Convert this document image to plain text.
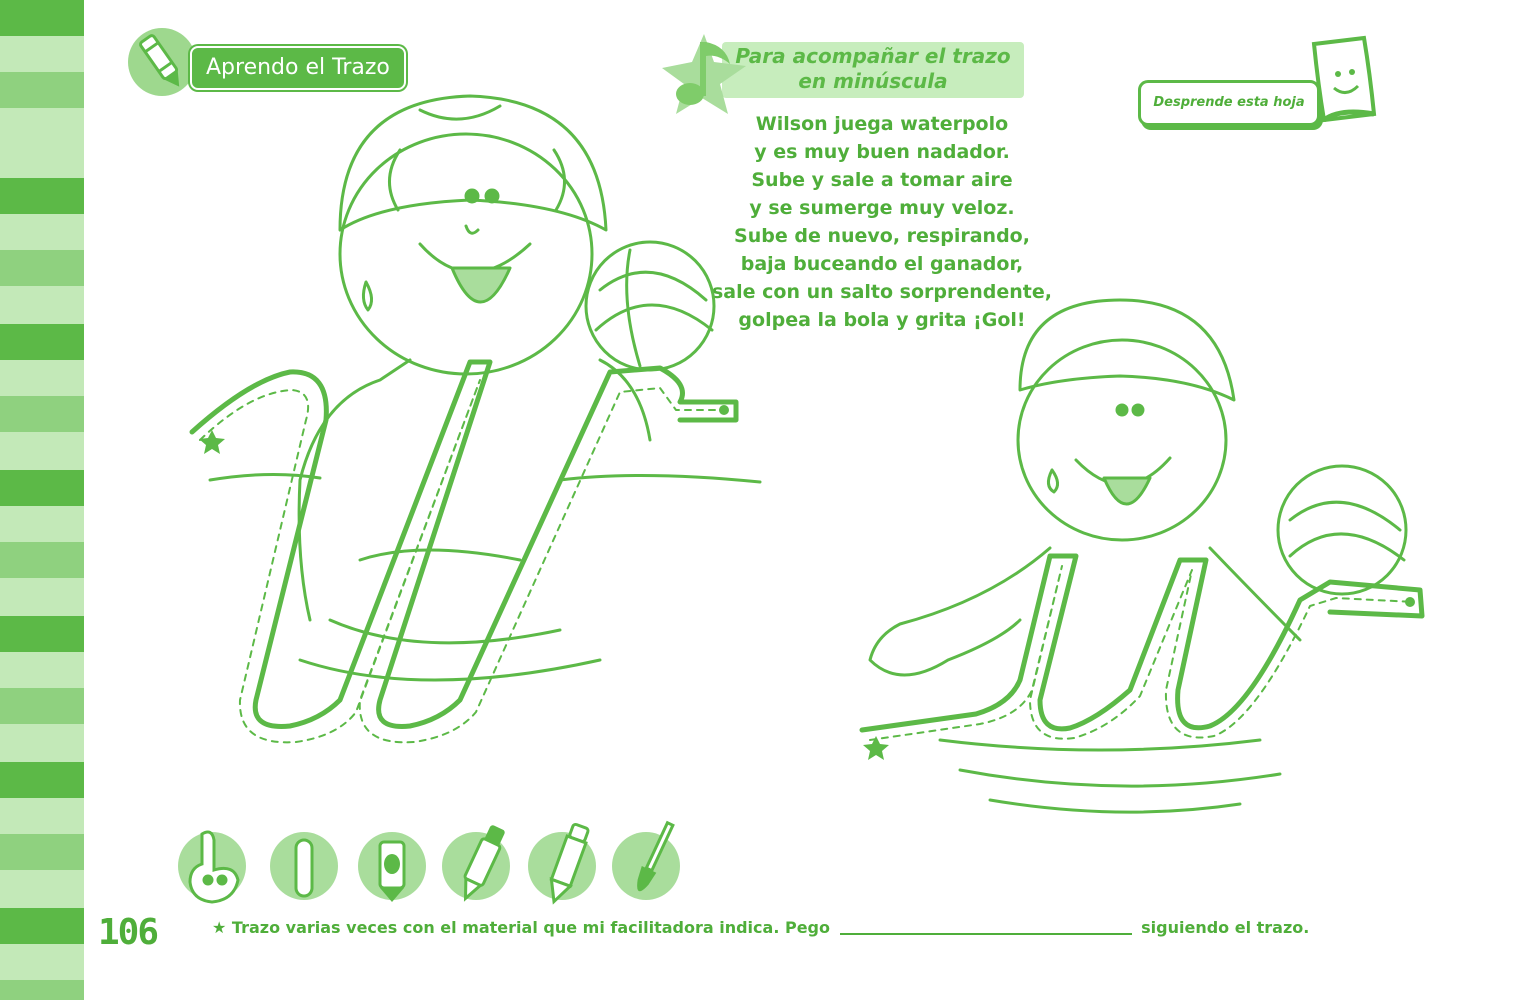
Aprendo el Trazo	Para acompañar el trazo
en minúscula
Wilson juega waterpolo
y es muy buen nadador.
Sube y sale a tomar aire
y se sumerge muy veloz.
Sube de nuevo, respirando,
baja buceando el ganador,
sale con un salto sorprendente,
golpea la bola y grita ¡Gol!
Desprende esta hoja
106	★ Trazo varias veces con el material que mi facilitadora indica. Pego	siguiendo el trazo.
